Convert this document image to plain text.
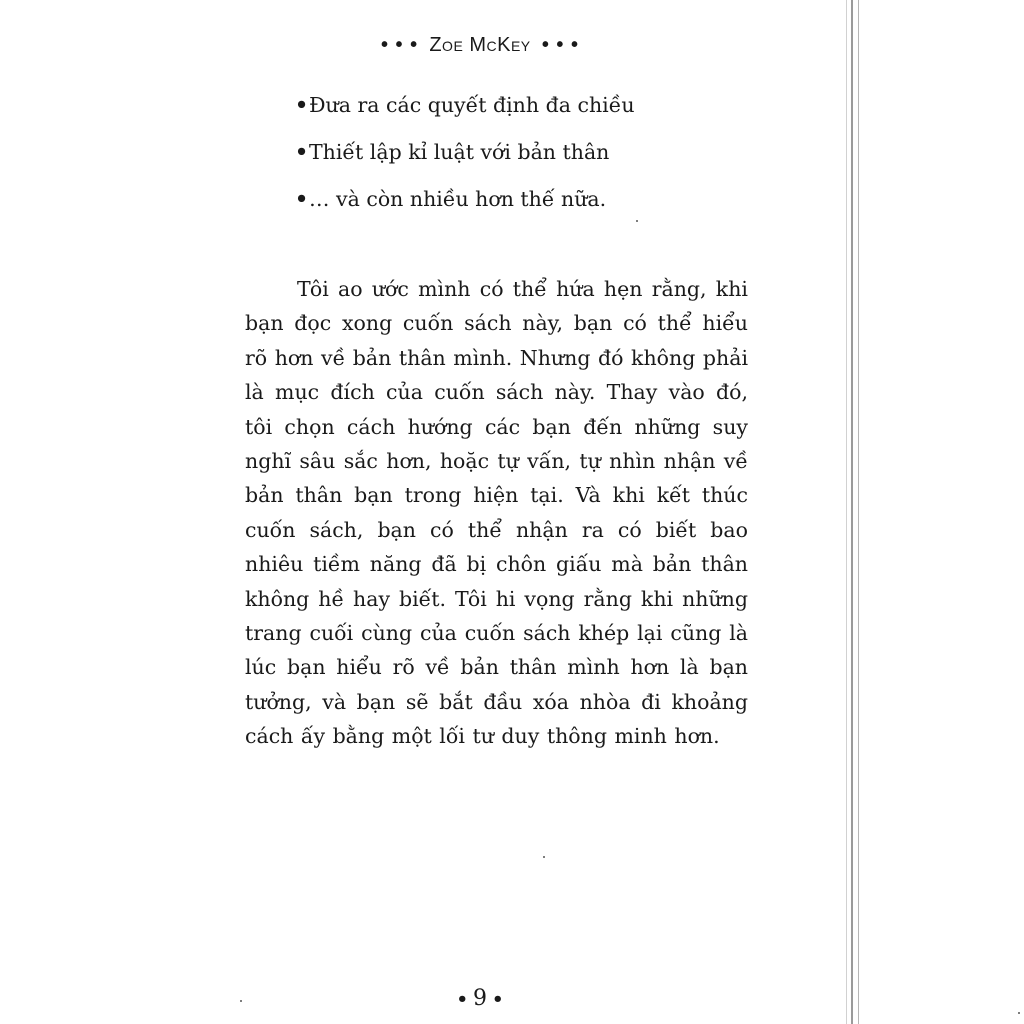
• • • Zoe McKey • • •
•Đưa ra các quyết định đa chiều
•Thiết lập kỉ luật với bản thân
•… và còn nhiều hơn thế nữa.

Tôi ao ước mình có thể hứa hẹn rằng, khi bạn đọc xong cuốn sách này, bạn có thể hiểu rõ hơn về bản thân mình. Nhưng đó không phải là mục đích của cuốn sách này. Thay vào đó, tôi chọn cách hướng các bạn đến những suy nghĩ sâu sắc hơn, hoặc tự vấn, tự nhìn nhận về bản thân bạn trong hiện tại. Và khi kết thúc cuốn sách, bạn có thể nhận ra có biết bao nhiêu tiềm năng đã bị chôn giấu mà bản thân không hề hay biết. Tôi hi vọng rằng khi những trang cuối cùng của cuốn sách khép lại cũng là lúc bạn hiểu rõ về bản thân mình hơn là bạn tưởng, và bạn sẽ bắt đầu xóa nhòa đi khoảng cách ấy bằng một lối tư duy thông minh hơn.

• 9 •
